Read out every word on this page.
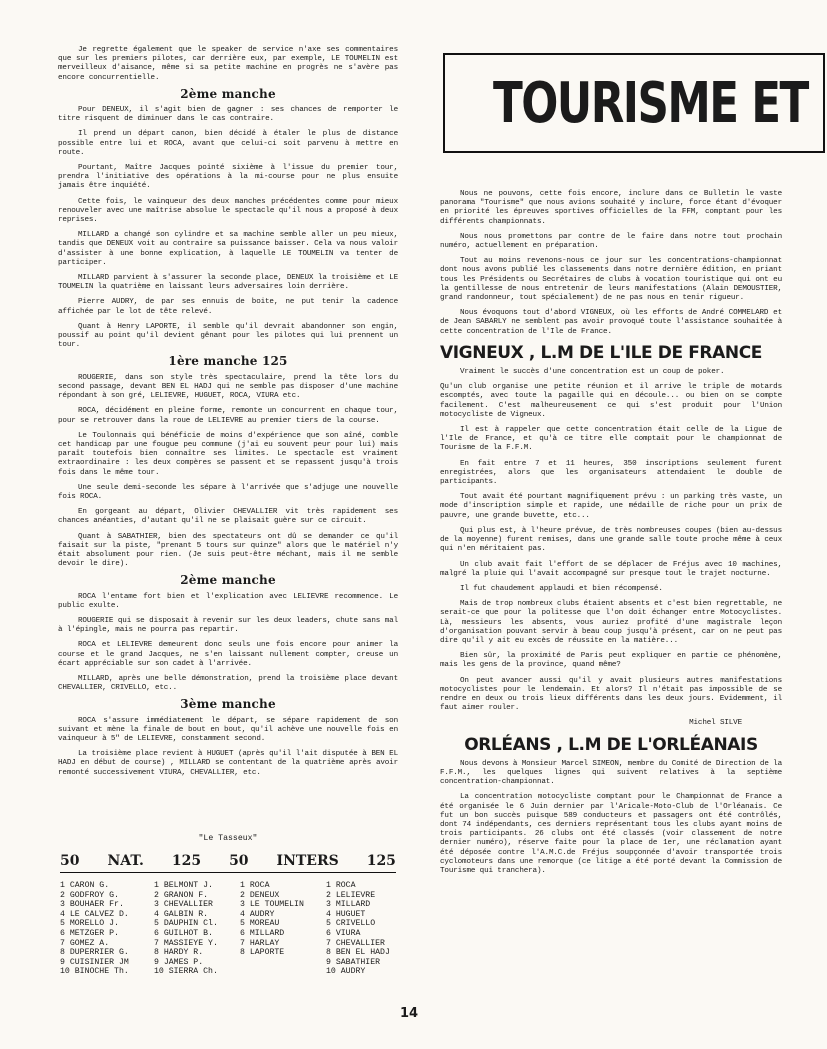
Je regrette également que le speaker de service n'axe ses commentaires que sur les premiers pilotes, car derrière eux, par exemple, LE TOUMELIN est merveilleux d'aisance, même si sa petite machine en progrès ne s'avère pas encore concurrentielle.

2ème manche

Pour DENEUX, il s'agit bien de gagner : ses chances de remporter le titre risquent de diminuer dans le cas contraire.

Il prend un départ canon, bien décidé à étaler le plus de distance possible entre lui et ROCA, avant que celui-ci soit parvenu à mettre en route.

Pourtant, Maître Jacques pointé sixième à l'issue du premier tour, prendra l'initiative des opérations à la mi-course pour ne plus ensuite jamais être inquiété.

Cette fois, le vainqueur des deux manches précédentes comme pour mieux renouveler avec une maîtrise absolue le spectacle qu'il nous a proposé à deux reprises.

MILLARD a changé son cylindre et sa machine semble aller un peu mieux, tandis que DENEUX voit au contraire sa puissance baisser. Cela va nous valoir d'assister à une bonne explication, à laquelle LE TOUMELIN va tenter de participer.

MILLARD parvient à s'assurer la seconde place, DENEUX la troisième et LE TOUMELIN la quatrième en laissant leurs adversaires loin derrière.

Pierre AUDRY, de par ses ennuis de boite, ne put tenir la cadence affichée par le lot de tête relevé.

Quant à Henry LAPORTE, il semble qu'il devrait abandonner son engin, poussif au point qu'il devient gênant pour les pilotes qui lui prennent un tour.

1ère manche 125

ROUGERIE, dans son style très spectaculaire, prend la tête lors du second passage, devant BEN EL HADJ qui ne semble pas disposer d'une machine répondant à son gré, LELIEVRE, HUGUET, ROCA, VIURA etc.

ROCA, décidément en pleine forme, remonte un concurrent en chaque tour, pour se retrouver dans la roue de LELIEVRE au premier tiers de la course.

Le Toulonnais qui bénéficie de moins d'expérience que son aîné, comble cet handicap par une fougue peu commune (j'ai eu souvent peur pour lui) mais paraît toutefois bien connaître ses limites. Le spectacle est vraiment extraordinaire : les deux compères se passent et se repassent jusqu'à trois fois dans le même tour.

Une seule demi-seconde les sépare à l'arrivée que s'adjuge une nouvelle fois ROCA.

En gorgeant au départ, Olivier CHEVALLIER vit très rapidement ses chances anéanties, d'autant qu'il ne se plaisait guère sur ce circuit.

Quant à SABATHIER, bien des spectateurs ont dû se demander ce qu'il faisait sur la piste, "prenant 5 tours sur quinze" alors que le matériel n'y était absolument pour rien. (Je suis peut-être méchant, mais il me semble devoir le dire).

2ème manche

ROCA l'entame fort bien et l'explication avec LELIEVRE recommence. Le public exulte.

ROUGERIE qui se disposait à revenir sur les deux leaders, chute sans mal à l'épingle, mais ne pourra pas repartir.

ROCA et LELIEVRE demeurent donc seuls une fois encore pour animer la course et le grand Jacques, ne s'en laissant nullement compter, creuse un écart appréciable sur son cadet à l'arrivée.

MILLARD, après une belle démonstration, prend la troisième place devant CHEVALLIER, CRIVELLO, etc..

3ème manche

ROCA s'assure immédiatement le départ, se sépare rapidement de son suivant et mène la finale de bout en bout, qu'il achève une nouvelle fois en vainqueur à 5" de LELIEVRE, constamment second.

La troisième place revient à HUGUET (après qu'il l'ait disputée à BEN EL HADJ en début de course) , MILLARD se contentant de la quatrième après avoir remonté successivement VIURA, CHEVALLIER, etc.

"Le Tasseux"
50 NAT. 125 50 INTERS 125
1 CARON G.
2 GODFROY G.
3 BOUHAER Fr.
4 LE CALVEZ D.
5 MORELLO J.
6 METZGER P.
7 GOMEZ A.
8 DUPERRIER G.
9 CUISINIER JM
10 BINOCHE Th.
1 BELMONT J.
2 GRANON F.
3 CHEVALLIER
4 GALBIN R.
5 DAUPHIN Cl.
6 GUILHOT B.
7 MASSIEYE Y.
8 HARDY R.
9 JAMES P.
10 SIERRA Ch.
1 ROCA
2 DENEUX
3 LE TOUMELIN
4 AUDRY
5 MOREAU
6 MILLARD
7 HARLAY
8 LAPORTE
1 ROCA
2 LELIEVRE
3 MILLARD
4 HUGUET
5 CRIVELLO
6 VIURA
7 CHEVALLIER
8 BEN EL HADJ
9 SABATHIER
10 AUDRY
TOURISME ET

Nous ne pouvons, cette fois encore, inclure dans ce Bulletin le vaste panorama "Tourisme" que nous avions souhaité y inclure, force étant d'évoquer en priorité les épreuves sportives officielles de la FFM, comptant pour les différents championnats.

Nous nous promettons par contre de le faire dans notre tout prochain numéro, actuellement en préparation.

Tout au moins revenons-nous ce jour sur les concentrations-championnat dont nous avons publié les classements dans notre dernière édition, en priant tous les Présidents ou Secrétaires de clubs à vocation touristique qui ont eu la gentillesse de nous entretenir de leurs manifestations (Alain DEMOUSTIER, grand randonneur, tout spécialement) de ne pas nous en tenir rigueur.

Nous évoquons tout d'abord VIGNEUX, où les efforts de André COMMELARD et de Jean SABARLY ne semblent pas avoir provoqué toute l'assistance souhaitée à cette concentration de l'Ile de France.

VIGNEUX , L.M DE L'ILE DE FRANCE

Vraiment le succès d'une concentration est un coup de poker.

Qu'un club organise une petite réunion et il arrive le triple de motards escomptés, avec toute la pagaille qui en découle... ou bien on se compte facilement. C'est malheureusement ce qui s'est produit pour l'Union motocycliste de Vigneux.

Il est à rappeler que cette concentration était celle de la Ligue de l'Ile de France, et qu'à ce titre elle comptait pour le championnat de Tourisme de la F.F.M.

En fait entre 7 et 11 heures, 350 inscriptions seulement furent enregistrées, alors que les organisateurs attendaient le double de participants.

Tout avait été pourtant magnifiquement prévu : un parking très vaste, un mode d'inscription simple et rapide, une médaille de riche pour un prix de pauvre, une grande buvette, etc...

Qui plus est, à l'heure prévue, de très nombreuses coupes (bien au-dessus de la moyenne) furent remises, dans une grande salle toute proche même à ceux qui n'en méritaient pas.

Un club avait fait l'effort de se déplacer de Fréjus avec 10 machines, malgré la pluie qui l'avait accompagné sur presque tout le trajet nocturne.

Il fut chaudement applaudi et bien récompensé.

Mais de trop nombreux clubs étaient absents et c'est bien regrettable, ne serait-ce que pour la politesse que l'on doit échanger entre Motocyclistes. Là, messieurs les absents, vous auriez profité d'une magistrale leçon d'organisation pouvant servir à beau coup jusqu'à présent, car on ne peut pas dire qu'il y ait eu excès de réussite en la matière...

Bien sûr, la proximité de Paris peut expliquer en partie ce phénomène, mais les gens de la province, quand même?

On peut avancer aussi qu'il y avait plusieurs autres manifestations motocyclistes pour le lendemain. Et alors? Il n'était pas impossible de se rendre en deux ou trois lieux différents dans les deux jours. Evidemment, il faut aimer rouler.

Michel SILVE

ORLÉANS , L.M DE L'ORLÉANAIS

Nous devons à Monsieur Marcel SIMEON, membre du Comité de Direction de la F.F.M., les quelques lignes qui suivent relatives à la septième concentration-championnat.

La concentration motocycliste comptant pour le Championnat de France a été organisée le 6 Juin dernier par l'Aricale-Moto-Club de l'Orléanais. Ce fut un bon succès puisque 589 conducteurs et passagers ont été contrôlés, dont 74 indépendants, ces derniers représentant tous les clubs ayant moins de trois participants. 26 clubs ont été classés (voir classement de notre dernier numéro), réserve faite pour la place de 1er, une réclamation ayant été déposée contre l'A.M.C.de Fréjus soupçonnée d'avoir transportée trois cyclomoteurs dans une remorque (ce litige a été porté devant la Commission de Tourisme qui tranchera).

14
